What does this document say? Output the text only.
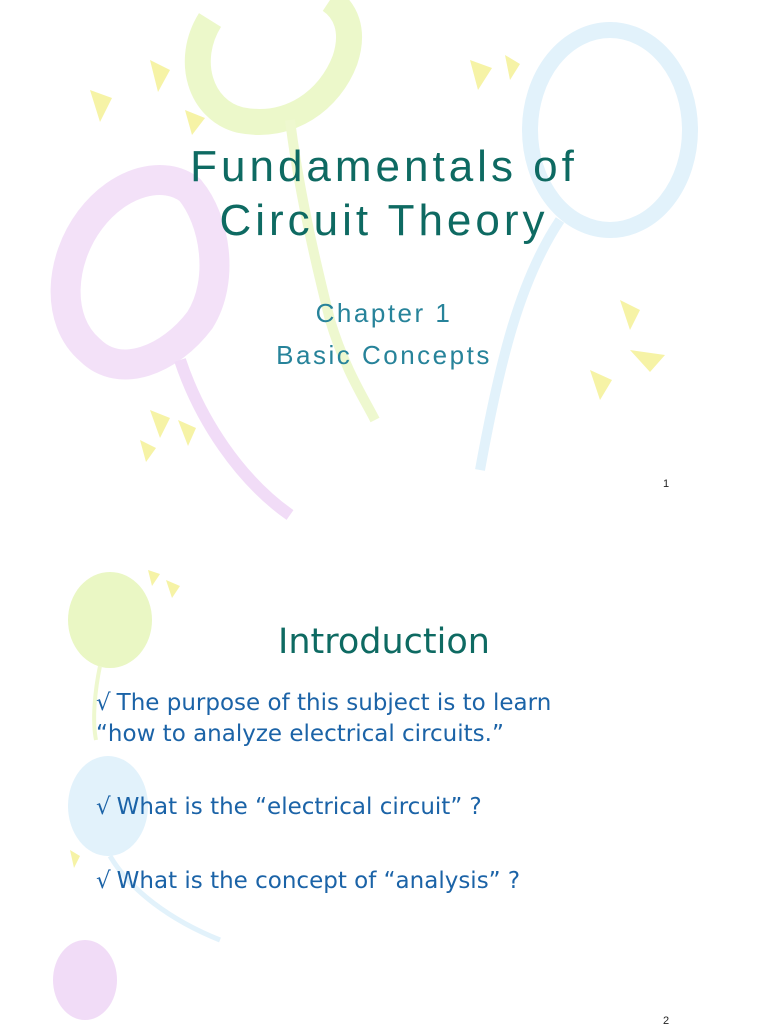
Fundamentals of
Circuit Theory
Chapter 1
Basic Concepts
1
Introduction
√ The purpose of this subject is to learn
“how to analyze electrical circuits.”
√ What is the “electrical circuit” ?
√ What is the concept of “analysis” ?
2
